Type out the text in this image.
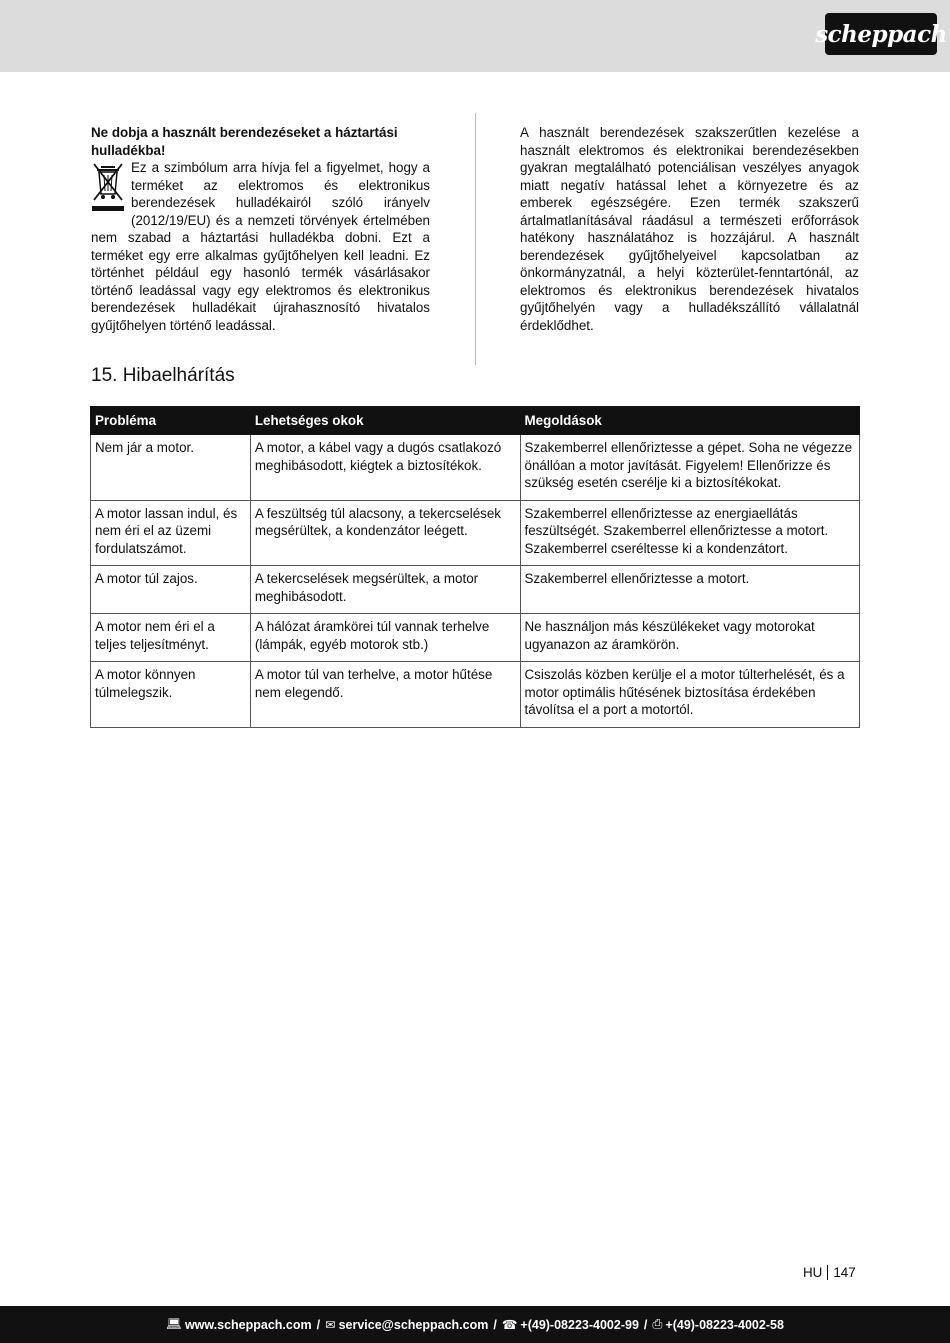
scheppach

Ne dobja a használt berendezéseket a háztartási hulladékba!

Ez a szimbólum arra hívja fel a figyelmet, hogy a terméket az elektromos és elektronikus berendezések hulladékairól szóló irányelv (2012/19/EU) és a nemzeti törvények értelmében nem szabad a háztartási hulladékba dobni. Ezt a terméket egy erre alkalmas gyűjtőhelyen kell leadni. Ez történhet például egy hasonló termék vásárlásakor történő leadással vagy egy elektromos és elektronikus berendezések hulladékait újrahasznosító hivatalos gyűjtőhelyen történő leadással.

A használt berendezések szakszerűtlen kezelése a használt elektromos és elektronikai berendezésekben gyakran megtalálható potenciálisan veszélyes anyagok miatt negatív hatással lehet a környezetre és az emberek egészségére. Ezen termék szakszerű ártalmatlanításával ráadásul a természeti erőforrások hatékony használatához is hozzájárul. A használt berendezések gyűjtőhelyeivel kapcsolatban az önkormányzatnál, a helyi közterület-fenntartónál, az elektromos és elektronikus berendezések hivatalos gyűjtőhelyén vagy a hulladékszállító vállalatnál érdeklődhet.

15. Hibaelhárítás
Probléma	Lehetséges okok	Megoldások
Nem jár a motor.	A motor, a kábel vagy a dugós csatlakozó meghibásodott, kiégtek a biztosítékok.	Szakemberrel ellenőriztesse a gépet. Soha ne végezze önállóan a motor javítását. Figyelem! Ellenőrizze és szükség esetén cserélje ki a biztosítékokat.
A motor lassan indul, és nem éri el az üzemi fordulatszámot.	A feszültség túl alacsony, a tekercselések megsérültek, a kondenzátor leégett.	Szakemberrel ellenőriztesse az energiaellátás feszültségét. Szakemberrel ellenőriztesse a motort. Szakemberrel cseréltesse ki a kondenzátort.
A motor túl zajos.	A tekercselések megsérültek, a motor meghibásodott.	Szakemberrel ellenőriztesse a motort.
A motor nem éri el a teljes teljesítményt.	A hálózat áramkörei túl vannak terhelve (lámpák, egyéb motorok stb.)	Ne használjon más készülékeket vagy motorokat ugyanazon az áramkörön.
A motor könnyen túlmelegszik.	A motor túl van terhelve, a motor hűtése nem elegendő.	Csiszolás közben kerülje el a motor túlterhelését, és a motor optimális hűtésének biztosítása érdekében távolítsa el a port a motortól.
HU 147
💻︎ www.scheppach.com / ✉︎ service@scheppach.com / ☎ +(49)-08223-4002-99 / ⎙ +(49)-08223-4002-58
